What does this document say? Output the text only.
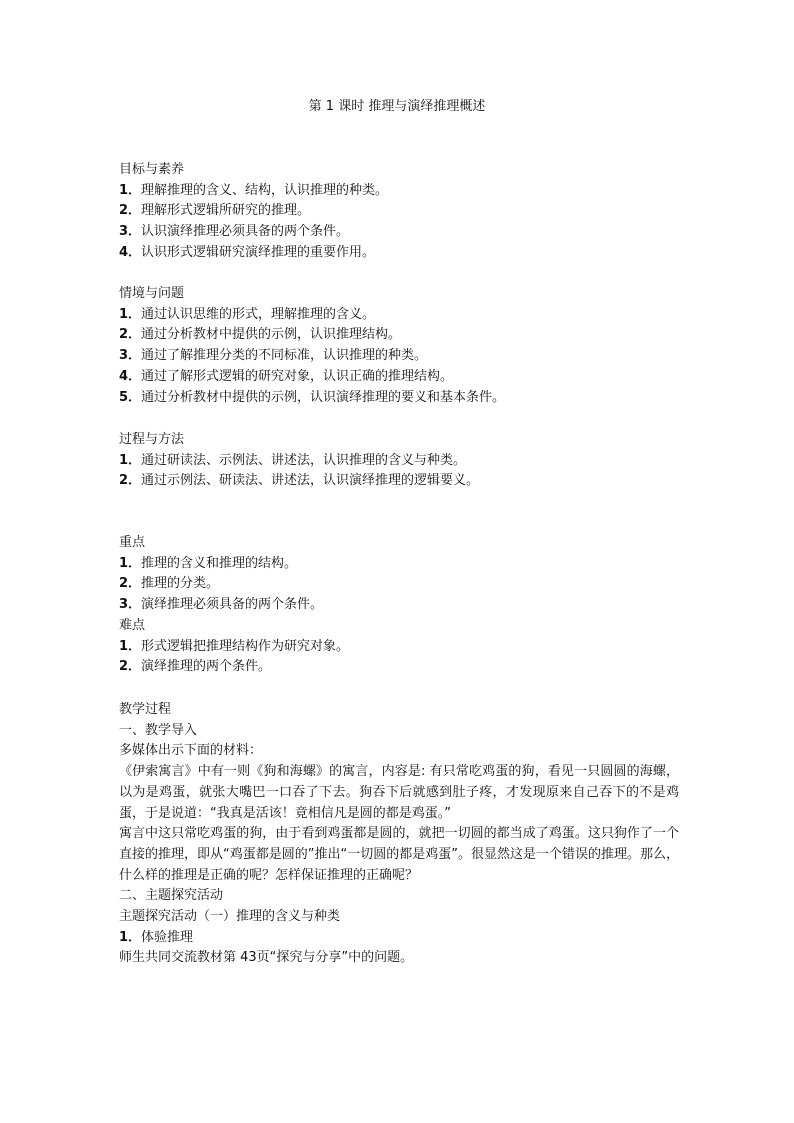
第 1 课时 推理与演绎推理概述
目标与素养
1．理解推理的含义、结构，认识推理的种类。
2．理解形式逻辑所研究的推理。
3．认识演绎推理必须具备的两个条件。
4．认识形式逻辑研究演绎推理的重要作用。
情境与问题
1．通过认识思维的形式，理解推理的含义。
2．通过分析教材中提供的示例，认识推理结构。
3．通过了解推理分类的不同标准，认识推理的种类。
4．通过了解形式逻辑的研究对象，认识正确的推理结构。
5．通过分析教材中提供的示例，认识演绎推理的要义和基本条件。
过程与方法
1．通过研读法、示例法、讲述法，认识推理的含义与种类。
2．通过示例法、研读法、讲述法，认识演绎推理的逻辑要义。
重点
1．推理的含义和推理的结构。
2．推理的分类。
3．演绎推理必须具备的两个条件。
难点
1．形式逻辑把推理结构作为研究对象。
2．演绎推理的两个条件。
教学过程
一、教学导入
多媒体出示下面的材料：
《伊索寓言》中有一则《狗和海螺》的寓言，内容是: 有只常吃鸡蛋的狗，看见一只圆圆的海螺，以为是鸡蛋，就张大嘴巴一口吞了下去。狗吞下后就感到肚子疼，才发现原来自己吞下的不是鸡蛋，于是说道：“我真是活该！竟相信凡是圆的都是鸡蛋。”
寓言中这只常吃鸡蛋的狗，由于看到鸡蛋都是圆的，就把一切圆的都当成了鸡蛋。这只狗作了一个直接的推理，即从“鸡蛋都是圆的”推出“一切圆的都是鸡蛋”。很显然这是一个错误的推理。那么，什么样的推理是正确的呢？怎样保证推理的正确呢？
二、主题探究活动
主题探究活动（一）推理的含义与种类
1．体验推理
师生共同交流教材第 43页“探究与分享”中的问题。
